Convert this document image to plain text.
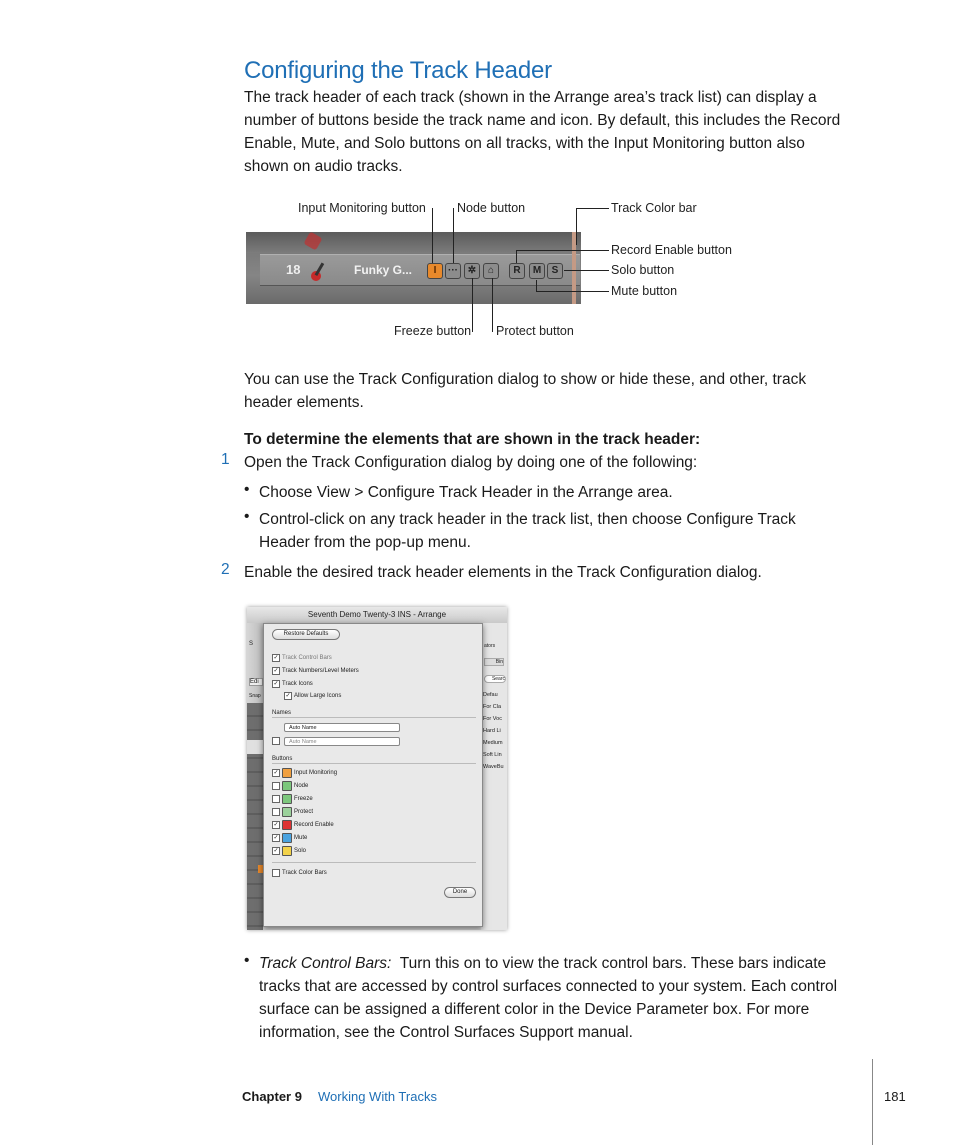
Configuring the Track Header

The track header of each track (shown in the Arrange area’s track list) can display a
number of buttons beside the track name and icon. By default, this includes the Record
Enable, Mute, and Solo buttons on all tracks, with the Input Monitoring button also
shown on audio tracks.

18	Funky G...	I	··· ✲	⌂	R	M	S
Input Monitoring button Node button	Track Color bar
Record Enable button
Solo button
Mute button
Freeze button Protect button

You can use the Track Configuration dialog to show or hide these, and other, track
header elements.

To determine the elements that are shown in the track header:
1 Open the Track Configuration dialog by doing one of the following:
• Choose View > Configure Track Header in the Arrange area.
• Control-click on any track header in the track list, then choose Configure Track
Header from the pop-up menu.

2 Enable the desired track header elements in the Track Configuration dialog.
Seventh Demo Twenty-3 INS - Arrange
S
Edi
Snap
ators
Bin
Searc
Defau
For Cla
For Voc
Hard Li
Medium
Soft Lin
WaveBu
Restore Defaults
✓ Track Control Bars
✓ Track Numbers/Level Meters
✓ Track Icons
✓ Allow Large Icons
Names
Auto Name
Auto Name
Buttons
✓	Input Monitoring
Node
Freeze
Protect
✓	Record Enable
✓	Mute
✓	Solo
Track Color Bars
Done
• Track Control Bars: Turn this on to view the track control bars. These bars indicate
tracks that are accessed by control surfaces connected to your system. Each control
surface can be assigned a different color in the Device Parameter box. For more
information, see the Control Surfaces Support manual.

Chapter 9 Working With Tracks	181
